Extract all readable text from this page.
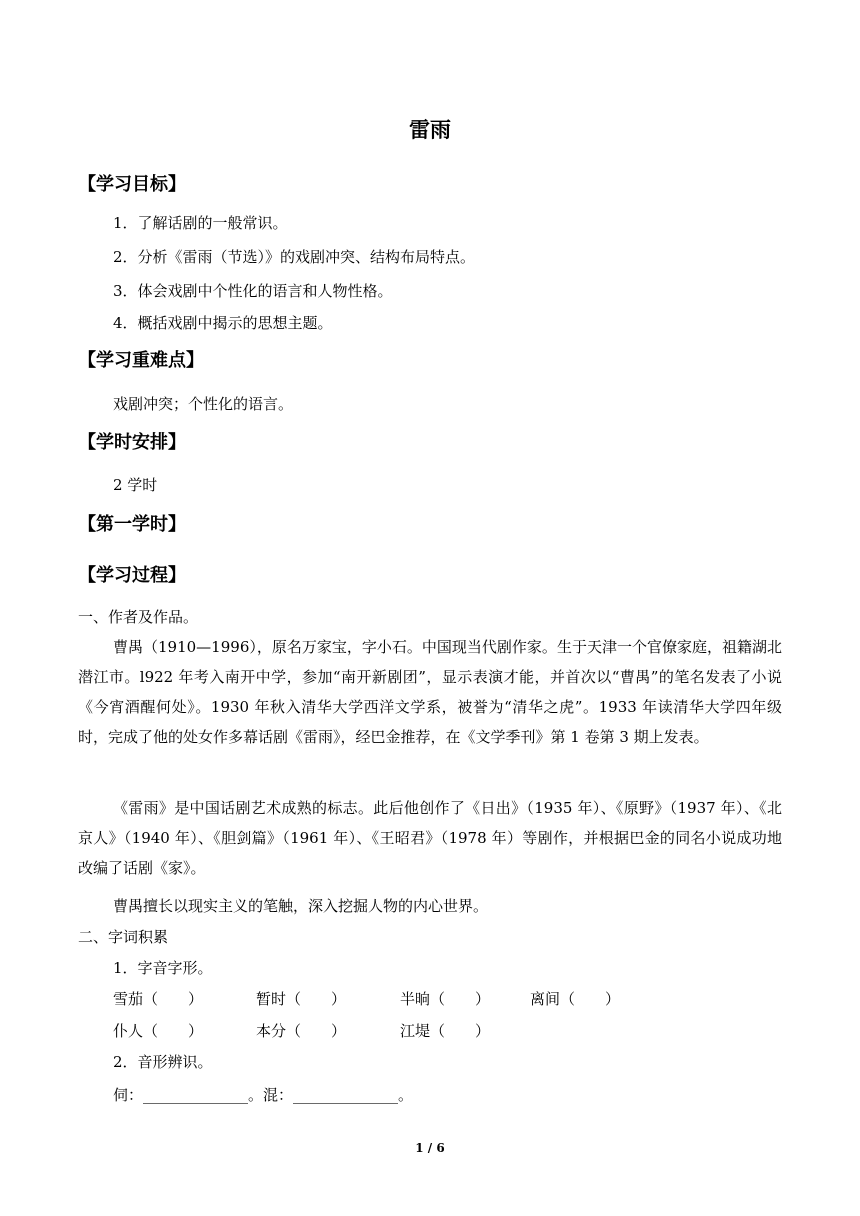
雷雨
【学习目标】
1．了解话剧的一般常识。
2．分析《雷雨（节选）》的戏剧冲突、结构布局特点。
3．体会戏剧中个性化的语言和人物性格。
4．概括戏剧中揭示的思想主题。
【学习重难点】
戏剧冲突；个性化的语言。
【学时安排】
2 学时
【第一学时】
【学习过程】
一、作者及作品。
曹禺（1910—1996），原名万家宝，字小石。中国现当代剧作家。生于天津一个官僚家庭，祖籍湖北潜江市。l922 年考入南开中学，参加“南开新剧团”，显示表演才能，并首次以“曹禺”的笔名发表了小说《今宵酒醒何处》。1930 年秋入清华大学西洋文学系，被誉为“清华之虎”。1933 年读清华大学四年级时，完成了他的处女作多幕话剧《雷雨》，经巴金推荐，在《文学季刊》第 1 卷第 3 期上发表。
《雷雨》是中国话剧艺术成熟的标志。此后他创作了《日出》（1935 年）、《原野》（1937 年）、《北京人》（1940 年）、《胆剑篇》（1961 年）、《王昭君》（1978 年）等剧作，并根据巴金的同名小说成功地改编了话剧《家》。
曹禺擅长以现实主义的笔触，深入挖掘人物的内心世界。
二、字词积累
1．字音字形。
雪茄（　　）	暂时（　　）	半晌（　　）	离间（　　）
仆人（　　）	本分（　　）	江堤（　　）
2．音形辨识。
伺：______________。混：______________。
1 / 6
